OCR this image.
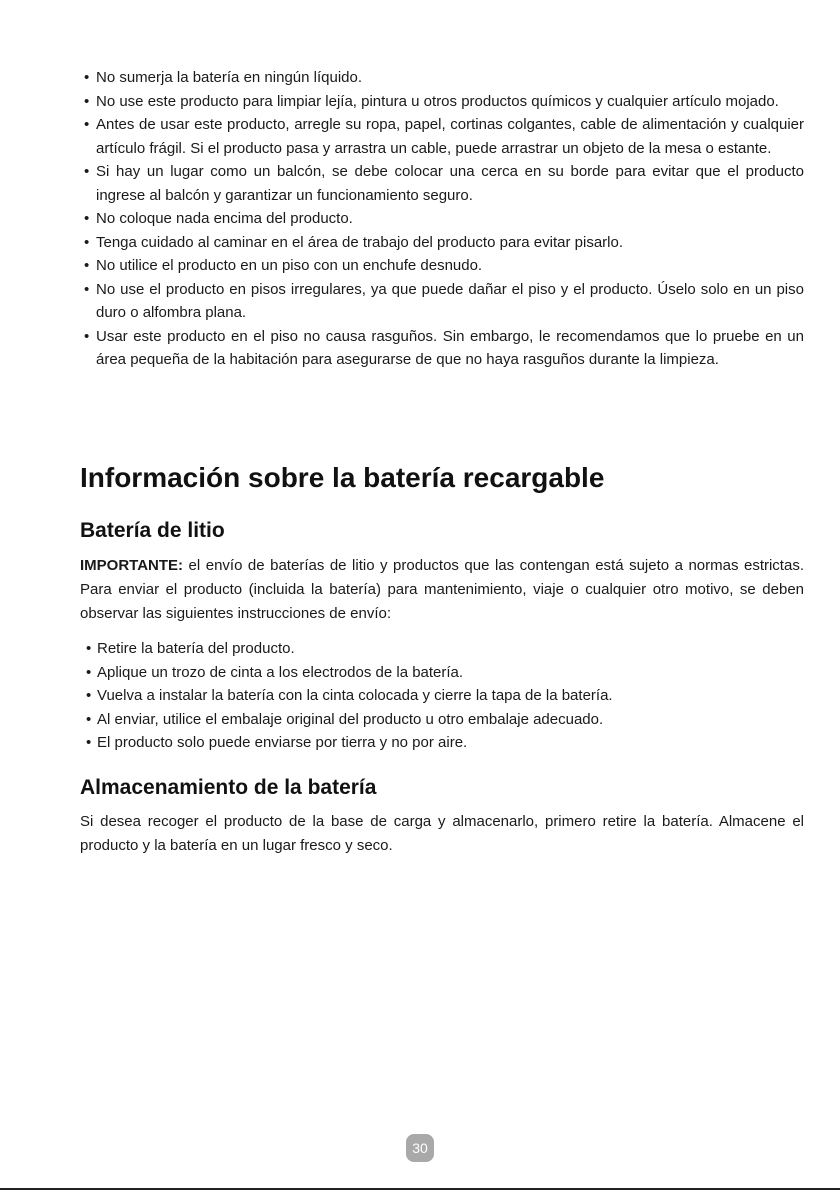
• No sumerja la batería en ningún líquido.
• No use este producto para limpiar lejía, pintura u otros productos químicos y cualquier artículo mojado.
• Antes de usar este producto, arregle su ropa, papel, cortinas colgantes, cable de alimentación y cualquier artículo frágil. Si el producto pasa y arrastra un cable, puede arrastrar un objeto de la mesa o estante.
• Si hay un lugar como un balcón, se debe colocar una cerca en su borde para evitar que el producto ingrese al balcón y garantizar un funcionamiento seguro.
• No coloque nada encima del producto.
• Tenga cuidado al caminar en el área de trabajo del producto para evitar pisarlo.
• No utilice el producto en un piso con un enchufe desnudo.
• No use el producto en pisos irregulares, ya que puede dañar el piso y el producto. Úselo solo en un piso duro o alfombra plana.
• Usar este producto en el piso no causa rasguños. Sin embargo, le recomendamos que lo pruebe en un área pequeña de la habitación para asegurarse de que no haya rasguños durante la limpieza.
Información sobre la batería recargable
Batería de litio

IMPORTANTE: el envío de baterías de litio y productos que las contengan está sujeto a normas estrictas. Para enviar el producto (incluida la batería) para mantenimiento, viaje o cualquier otro motivo, se deben observar las siguientes instrucciones de envío:

• Retire la batería del producto.
• Aplique un trozo de cinta a los electrodos de la batería.
• Vuelva a instalar la batería con la cinta colocada y cierre la tapa de la batería.
• Al enviar, utilice el embalaje original del producto u otro embalaje adecuado.
• El producto solo puede enviarse por tierra y no por aire.
Almacenamiento de la batería

Si desea recoger el producto de la base de carga y almacenarlo, primero retire la batería. Almacene el producto y la batería en un lugar fresco y seco.

30
